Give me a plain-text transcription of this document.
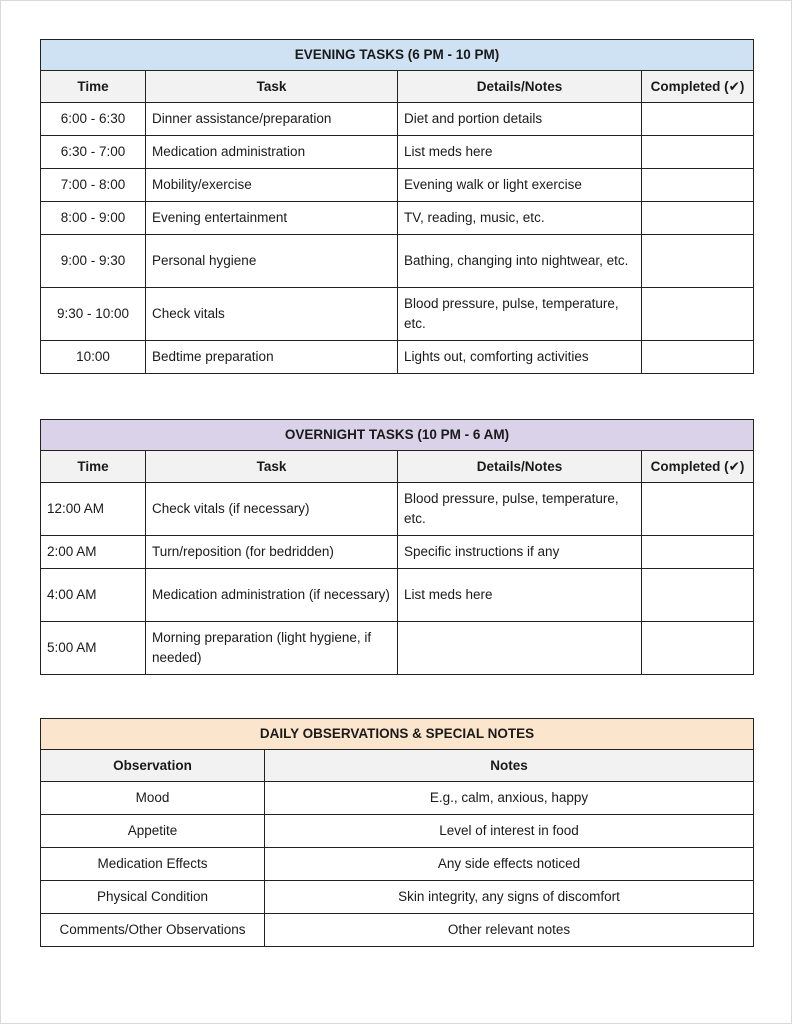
EVENING TASKS (6 PM - 10 PM)			
Time	Task	Details/Notes	Completed (✔)
6:00 - 6:30	Dinner assistance/preparation	Diet and portion details	
6:30 - 7:00	Medication administration	List meds here	
7:00 - 8:00	Mobility/exercise	Evening walk or light exercise	
8:00 - 9:00	Evening entertainment	TV, reading, music, etc.	
9:00 - 9:30	Personal hygiene	Bathing, changing into nightwear, etc.	
9:30 - 10:00	Check vitals	Blood pressure, pulse, temperature, etc.	
10:00	Bedtime preparation	Lights out, comforting activities	
OVERNIGHT TASKS (10 PM - 6 AM)			
Time	Task	Details/Notes	Completed (✔)
12:00 AM	Check vitals (if necessary)	Blood pressure, pulse, temperature, etc.	
2:00 AM	Turn/reposition (for bedridden)	Specific instructions if any	
4:00 AM	Medication administration (if necessary)	List meds here	
5:00 AM	Morning preparation (light hygiene, if needed)		
DAILY OBSERVATIONS & SPECIAL NOTES	
Observation	Notes
Mood	E.g., calm, anxious, happy
Appetite	Level of interest in food
Medication Effects	Any side effects noticed
Physical Condition	Skin integrity, any signs of discomfort
Comments/Other Observations	Other relevant notes
